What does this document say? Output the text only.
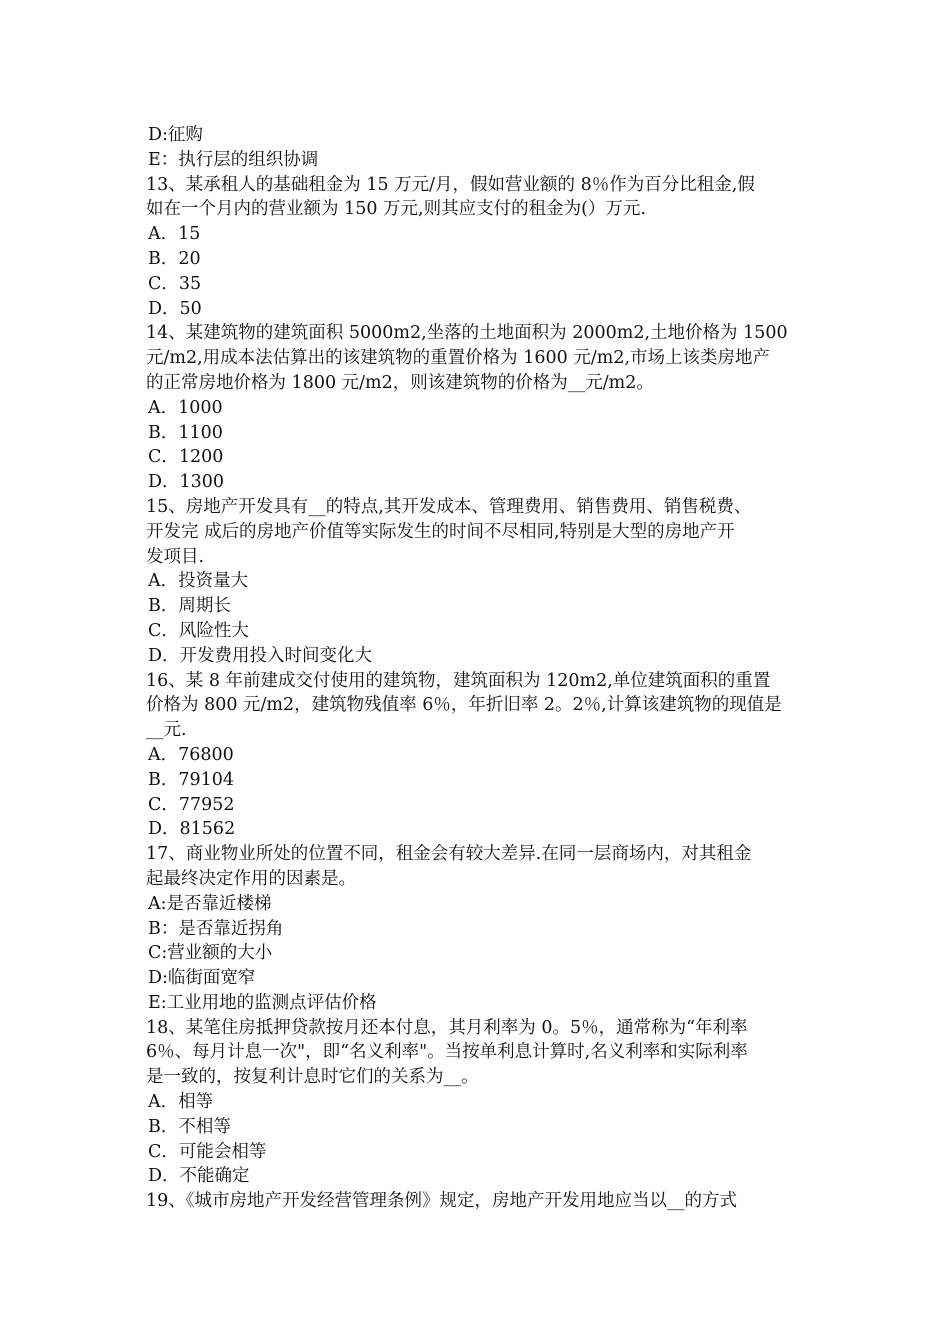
D:征购
E：执行层的组织协调
13、某承租人的基础租金为 15 万元/月，假如营业额的 8％作为百分比租金,假
如在一个月内的营业额为 150 万元,则其应支付的租金为(）万元.
A．15
B．20
C．35
D．50
14、某建筑物的建筑面积 5000m2,坐落的土地面积为 2000m2,土地价格为 1500
元/m2,用成本法估算出的该建筑物的重置价格为 1600 元/m2,市场上该类房地产
的正常房地价格为 1800 元/m2，则该建筑物的价格为__元/m2。
A．1000
B．1100
C．1200
D．1300
15、房地产开发具有__的特点,其开发成本、管理费用、销售费用、销售税费、
开发完 成后的房地产价值等实际发生的时间不尽相同,特别是大型的房地产开
发项目.
A．投资量大
B．周期长
C．风险性大
D．开发费用投入时间变化大
16、某 8 年前建成交付使用的建筑物，建筑面积为 120m2,单位建筑面积的重置
价格为 800 元/m2，建筑物残值率 6％，年折旧率 2。2％,计算该建筑物的现值是
__元.
A．76800
B．79104
C．77952
D．81562
17、商业物业所处的位置不同，租金会有较大差异.在同一层商场内，对其租金
起最终决定作用的因素是。
A:是否靠近楼梯
B：是否靠近拐角
C:营业额的大小
D:临街面宽窄
E:工业用地的监测点评估价格
18、某笔住房抵押贷款按月还本付息，其月利率为 0。5％，通常称为“年利率
6％、每月计息一次"，即“名义利率"。当按单利息计算时,名义利率和实际利率
是一致的，按复利计息时它们的关系为__。
A．相等
B．不相等
C．可能会相等
D．不能确定
19、《城市房地产开发经营管理条例》规定，房地产开发用地应当以__的方式
